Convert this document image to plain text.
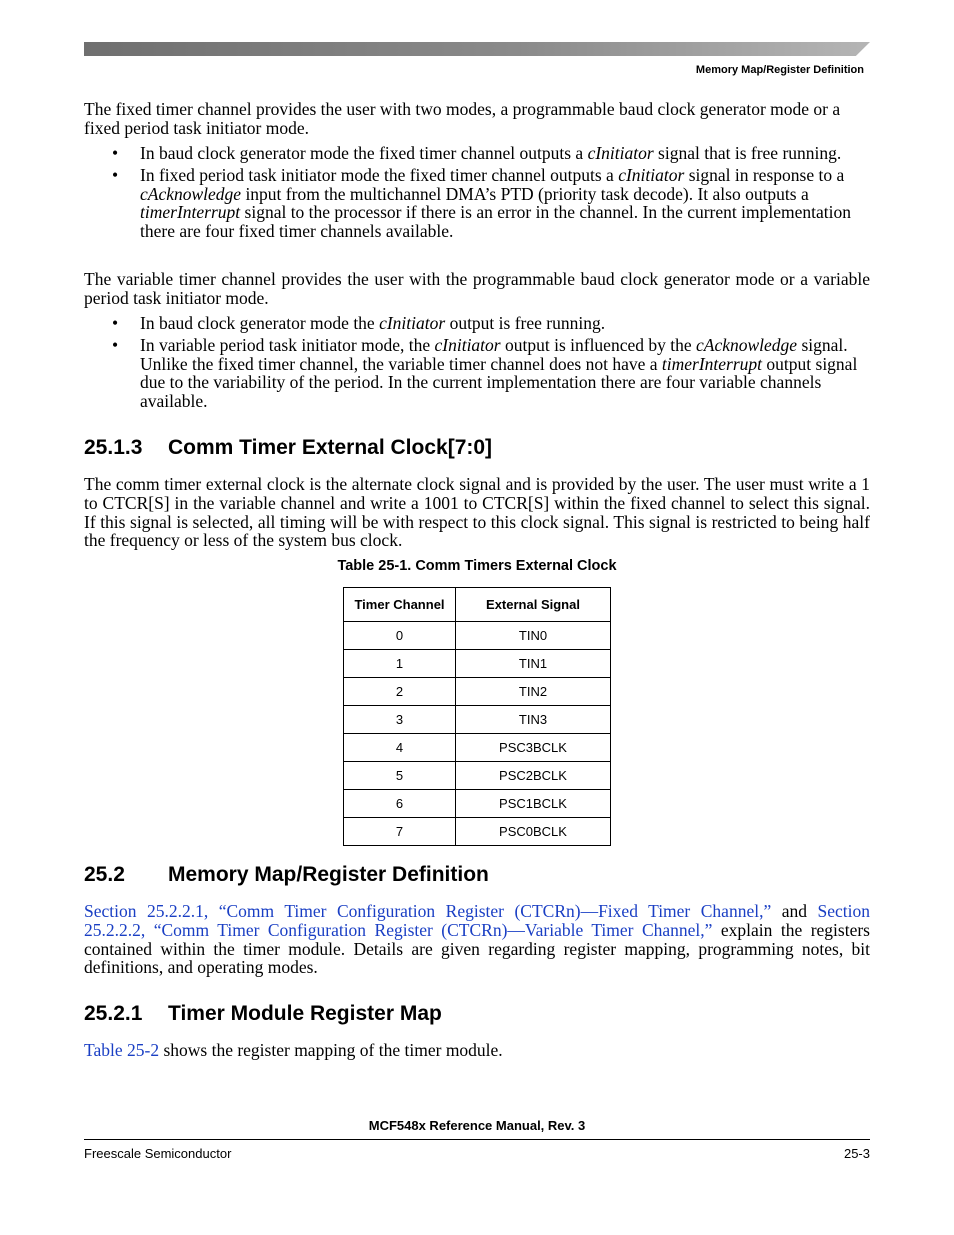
Memory Map/Register Definition

The fixed timer channel provides the user with two modes, a programmable baud clock generator mode or a fixed period task initiator mode.

• In baud clock generator mode the fixed timer channel outputs a cInitiator signal that is free running.
• In fixed period task initiator mode the fixed timer channel outputs a cInitiator signal in response to a cAcknowledge input from the multichannel DMA’s PTD (priority task decode). It also outputs a timerInterrupt signal to the processor if there is an error in the channel. In the current implementation there are four fixed timer channels available.

The variable timer channel provides the user with the programmable baud clock generator mode or a variable period task initiator mode.

• In baud clock generator mode the cInitiator output is free running.
• In variable period task initiator mode, the cInitiator output is influenced by the cAcknowledge signal. Unlike the fixed timer channel, the variable timer channel does not have a timerInterrupt output signal due to the variability of the period. In the current implementation there are four variable channels available.
25.1.3 Comm Timer External Clock[7:0]

The comm timer external clock is the alternate clock signal and is provided by the user. The user must write a 1 to CTCR[S] in the variable channel and write a 1001 to CTCR[S] within the fixed channel to select this signal. If this signal is selected, all timing will be with respect to this clock signal. This signal is restricted to being half the frequency or less of the system bus clock.

Table 25-1. Comm Timers External Clock
Timer Channel	External Signal
0	TIN0
1	TIN1
2	TIN2
3	TIN3
4	PSC3BCLK
5	PSC2BCLK
6	PSC1BCLK
7	PSC0BCLK
25.2 Memory Map/Register Definition

Section 25.2.2.1, “Comm Timer Configuration Register (CTCRn)—Fixed Timer Channel,” and Section 25.2.2.2, “Comm Timer Configuration Register (CTCRn)—Variable Timer Channel,” explain the registers contained within the timer module. Details are given regarding register mapping, programming notes, bit definitions, and operating modes.

25.2.1 Timer Module Register Map

Table 25-2 shows the register mapping of the timer module.

MCF548x Reference Manual, Rev. 3
Freescale Semiconductor	25-3
